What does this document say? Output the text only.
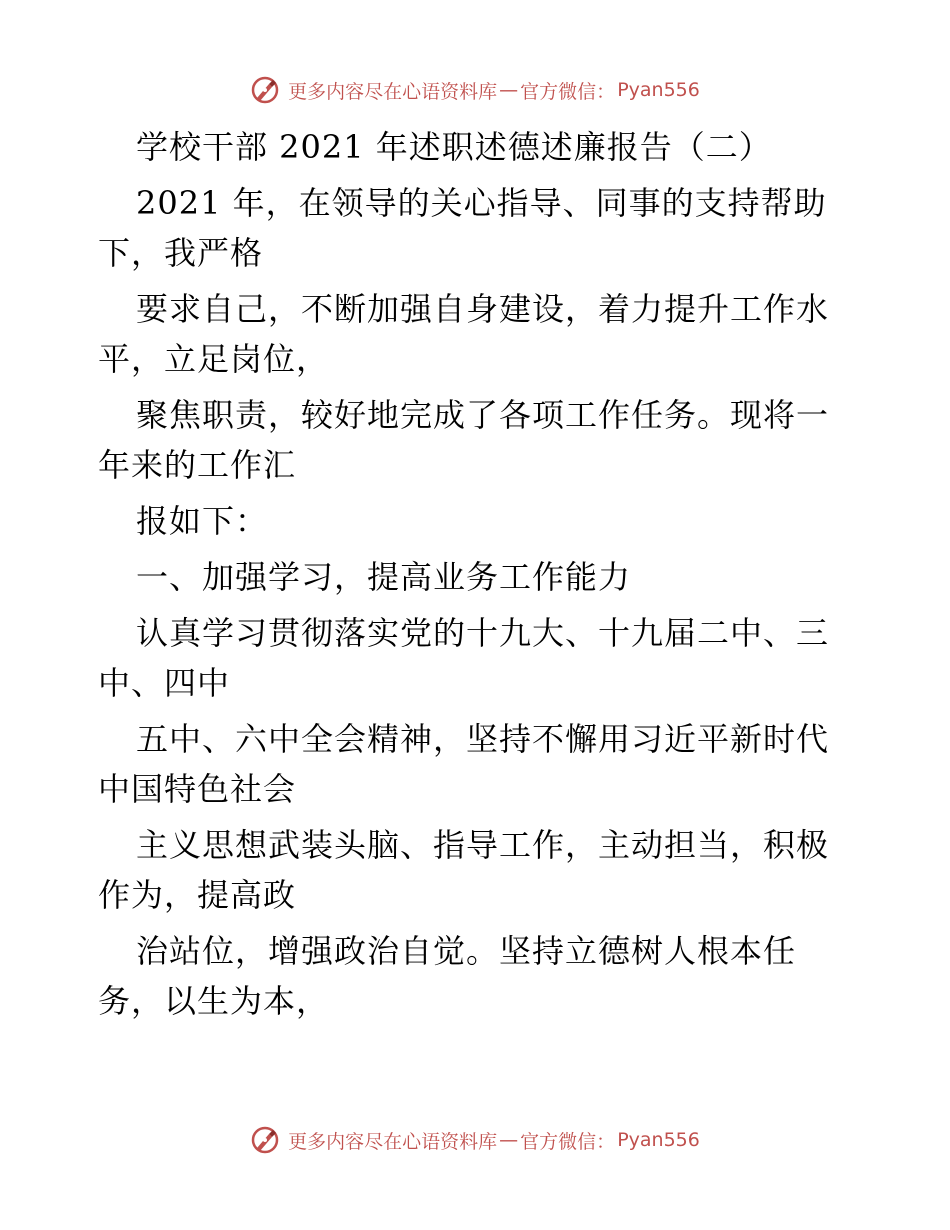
更多内容尽在心语资料库 — 官方微信： Pyan556
学校干部 2021 年述职述德述廉报告（二）
2021 年，在领导的关心指导、同事的支持帮助
下，我严格
要求自己，不断加强自身建设，着力提升工作水
平，立足岗位，
聚焦职责，较好地完成了各项工作任务。现将一
年来的工作汇
报如下：
一、加强学习，提高业务工作能力
认真学习贯彻落实党的十九大、十九届二中、三
中、四中
五中、六中全会精神，坚持不懈用习近平新时代
中国特色社会
主义思想武装头脑、指导工作，主动担当，积极
作为，提高政
治站位，增强政治自觉。坚持立德树人根本任
务，以生为本，
更多内容尽在心语资料库 — 官方微信： Pyan556
